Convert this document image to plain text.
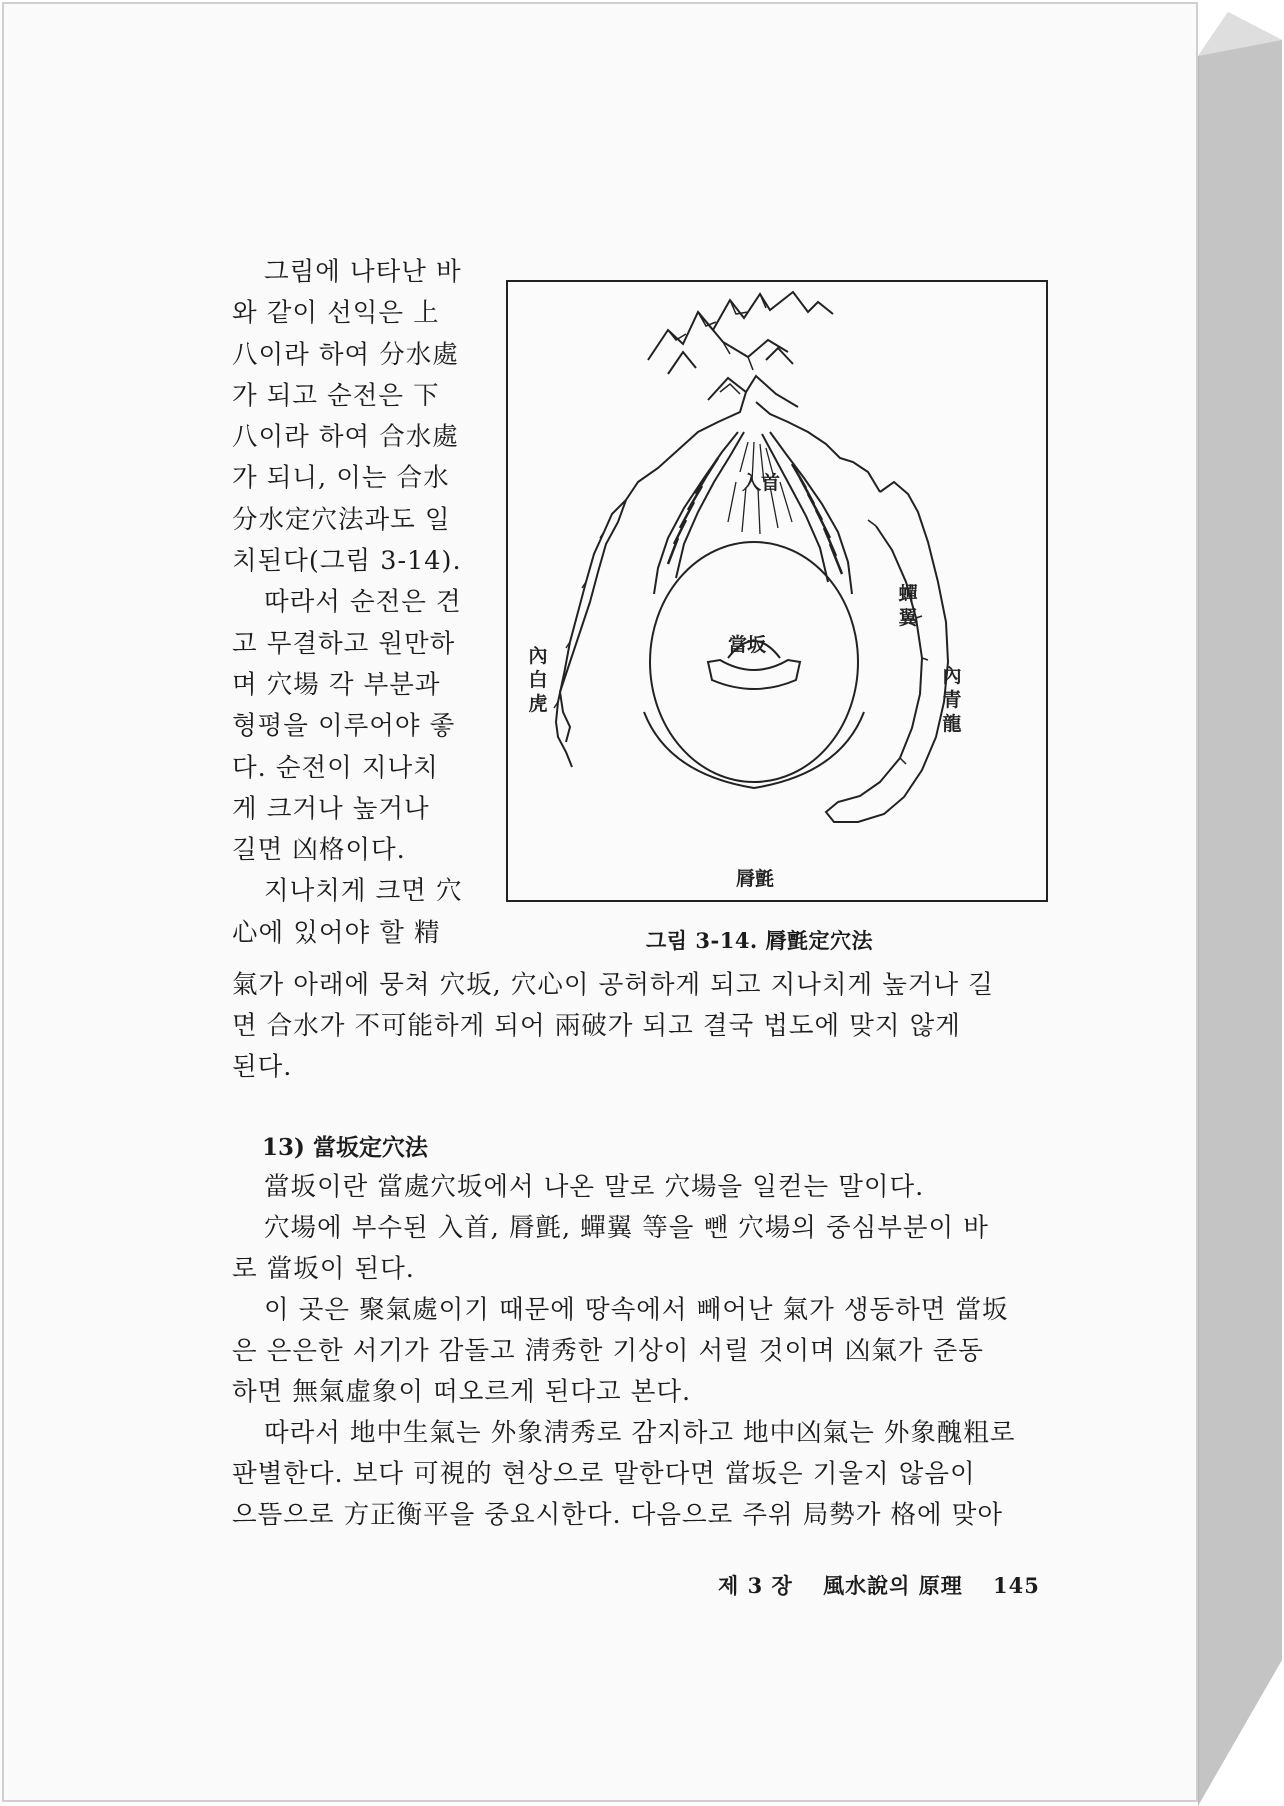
그림에 나타난 바
와 같이 선익은 上
八이라 하여 分水處
가 되고 순전은 下
八이라 하여 合水處
가 되니, 이는 合水
分水定穴法과도 일
치된다(그림 3-14).
따라서 순전은 견
고 무결하고 원만하
며 穴場 각 부분과
형평을 이루어야 좋
다. 순전이 지나치
게 크거나 높거나
길면 凶格이다.
지나치게 크면 穴
心에 있어야 할 精
入首
當坂
脣氈
蟬翼
內白虎
內青龍
그림 3-14. 脣氈定穴法
氣가 아래에 뭉쳐 穴坂, 穴心이 공허하게 되고 지나치게 높거나 길
면 合水가 不可能하게 되어 兩破가 되고 결국 법도에 맞지 않게
된다.
13) 當坂定穴法
當坂이란 當處穴坂에서 나온 말로 穴場을 일컫는 말이다.
穴場에 부수된 入首, 脣氈, 蟬翼 等을 뺀 穴場의 중심부분이 바
로 當坂이 된다.
이 곳은 聚氣處이기 때문에 땅속에서 빼어난 氣가 생동하면 當坂
은 은은한 서기가 감돌고 淸秀한 기상이 서릴 것이며 凶氣가 준동
하면 無氣虛象이 떠오르게 된다고 본다.
따라서 地中生氣는 外象淸秀로 감지하고 地中凶氣는 外象醜粗로
판별한다. 보다 可視的 현상으로 말한다면 當坂은 기울지 않음이
으뜸으로 方正衡平을 중요시한다. 다음으로 주위 局勢가 格에 맞아
제 3 장 風水說의 原理 145
